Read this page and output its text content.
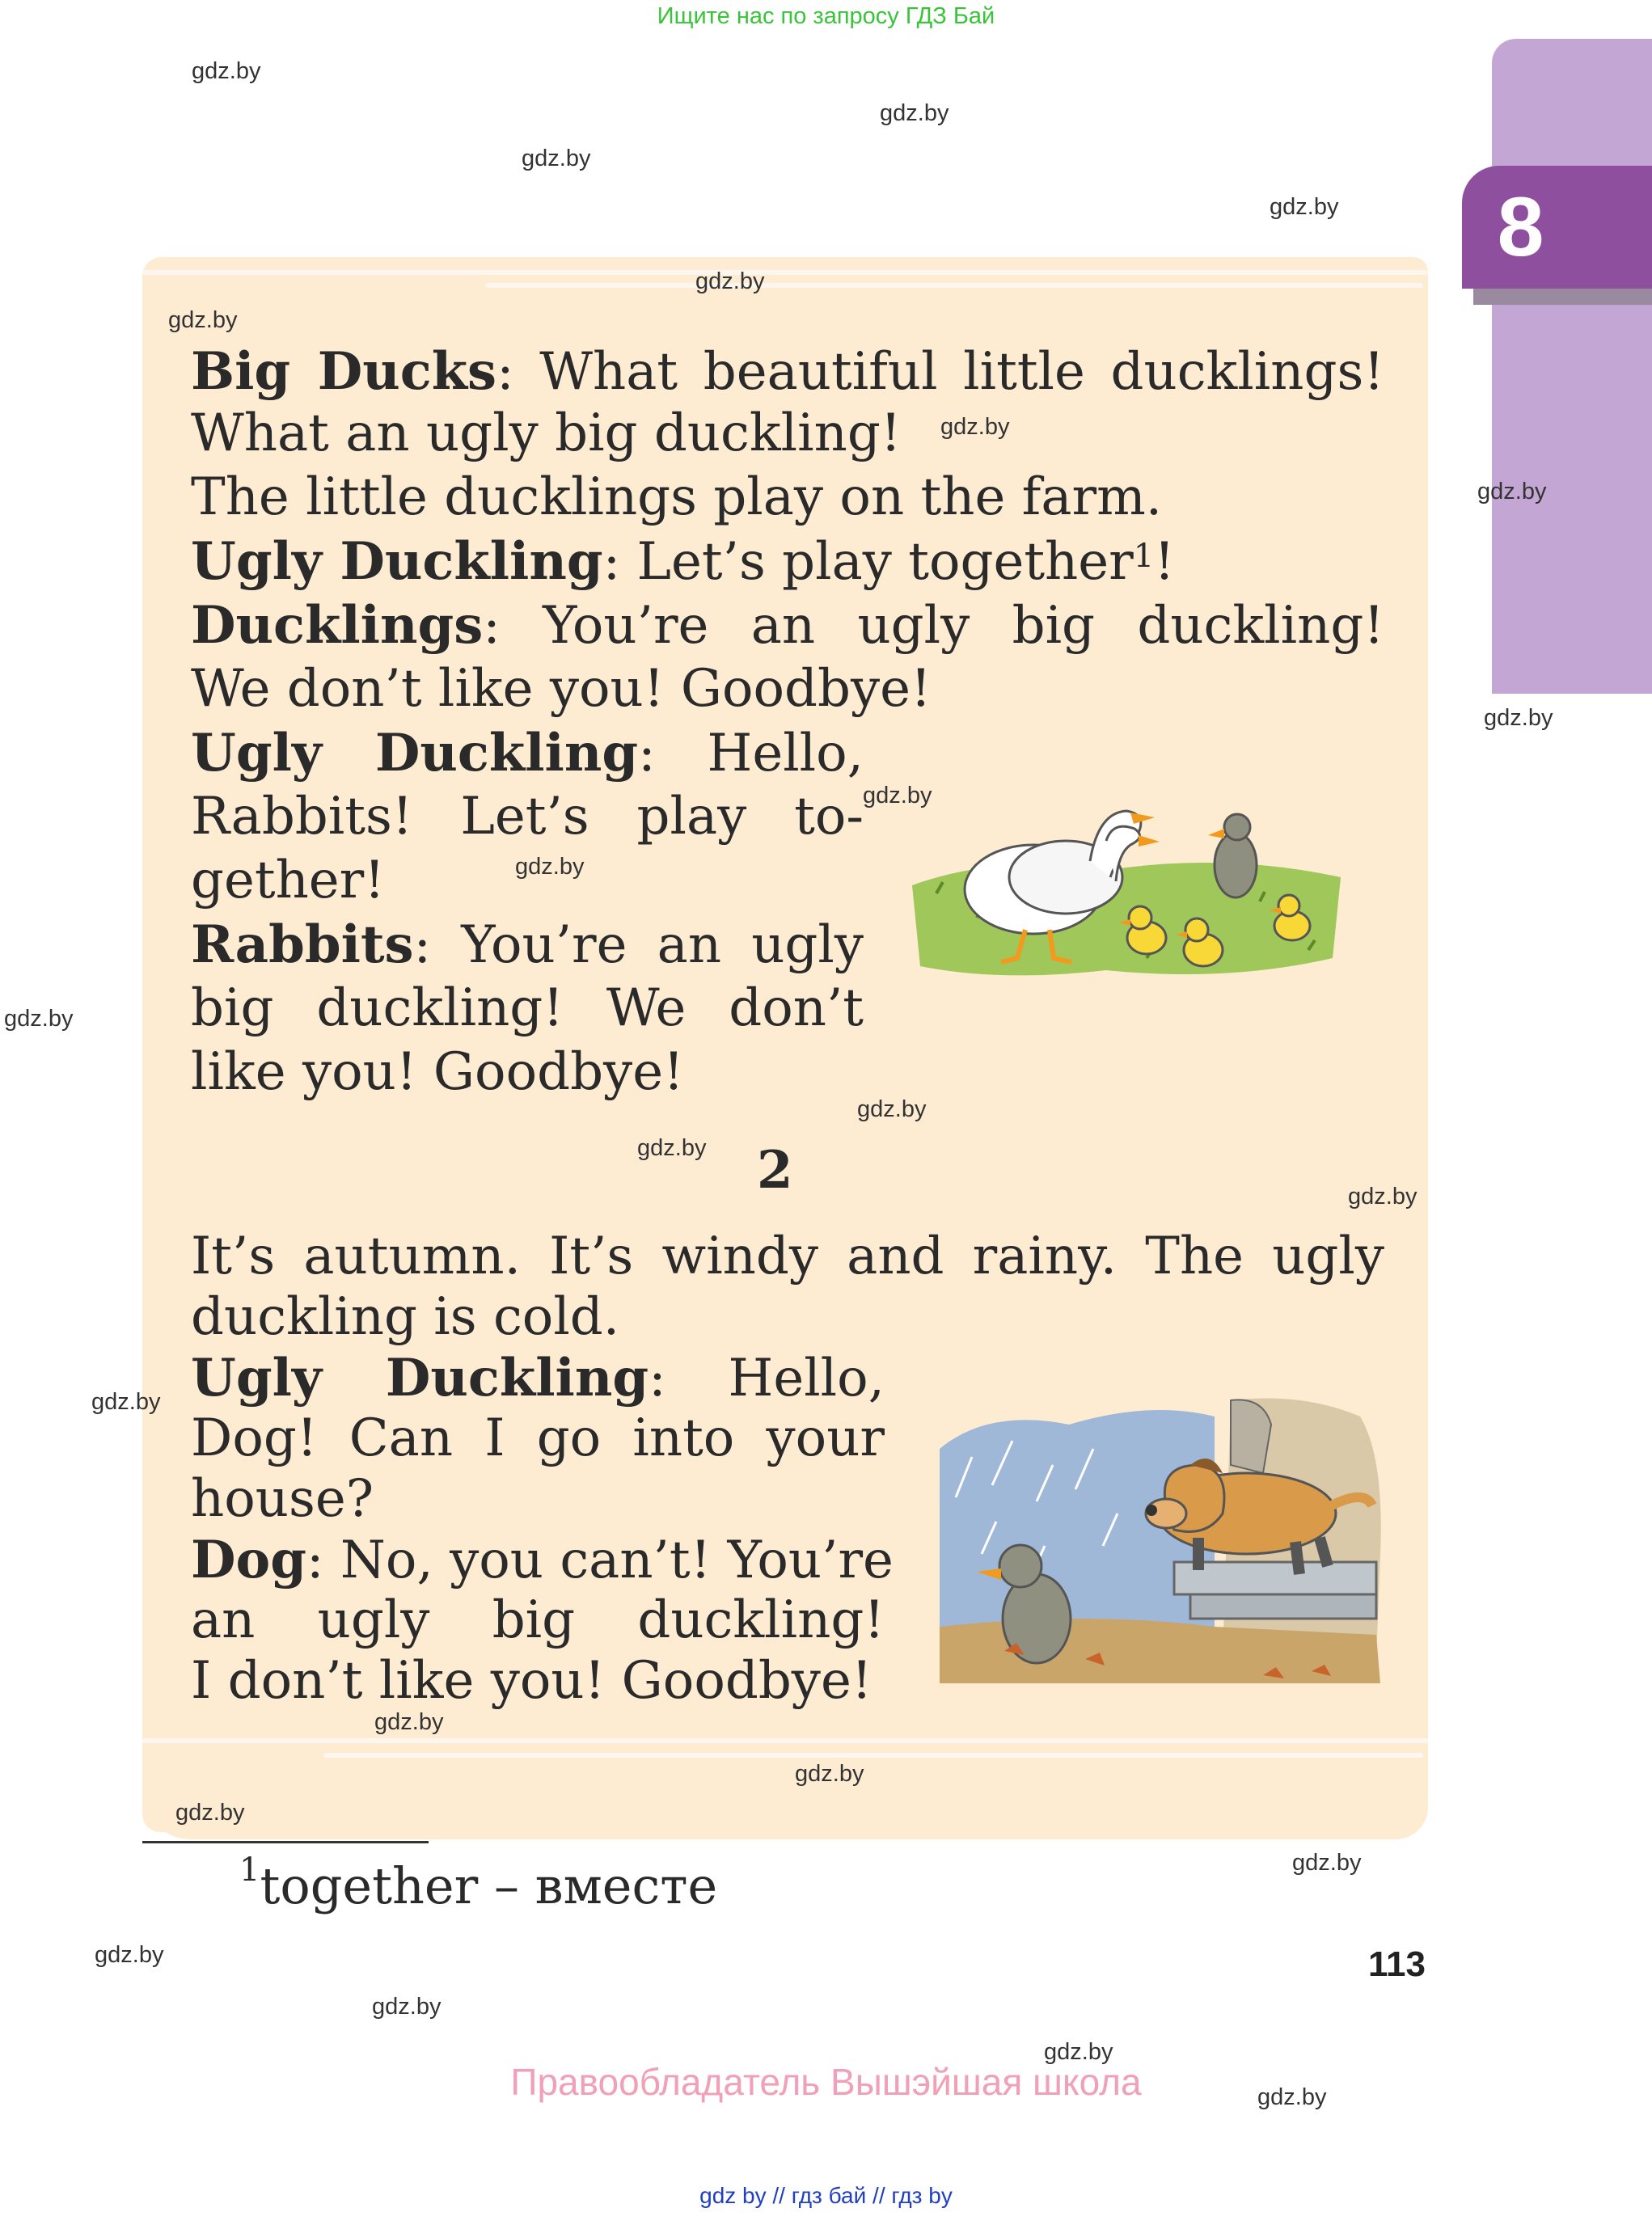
Ищите нас по запросу ГДЗ Бай
8
Big Ducks: What beautiful little ducklings!
What an ugly big duckling!
The little ducklings play on the farm.
Ugly Duckling: Let’s play together$^1$!
Ducklings: You’re an ugly big duckling!
We don’t like you! Goodbye!
Ugly Duckling: Hello,
Rabbits! Let’s play to-
gether!
Rabbits: You’re an ugly
big duckling! We don’t
like you! Goodbye!
2
It’s autumn. It’s windy and rainy. The ugly
duckling is cold.
Ugly Duckling: Hello,
Dog! Can I go into your
house?
Dog: No, you can’t! You’re
an ugly big duckling!
I don’t like you! Goodbye!
$^1$together – вместе
113
Правообладатель Вышэйшая школа
gdz by // гдз бай // гдз by
gdz.by
gdz.by
gdz.by
gdz.by
gdz.by
gdz.by
gdz.by
gdz.by
gdz.by
gdz.by
gdz.by
gdz.by
gdz.by
gdz.by
gdz.by
gdz.by
gdz.by
gdz.by
gdz.by
gdz.by
gdz.by
gdz.by
gdz.by
gdz.by
